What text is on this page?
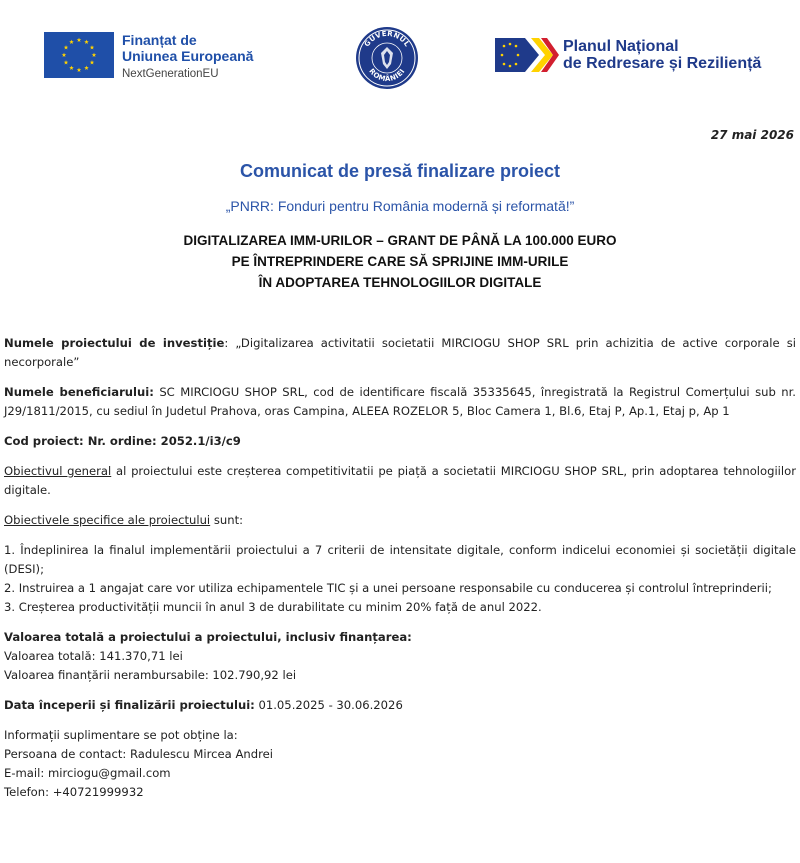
Finanțat de
Uniunea Europeană
NextGenerationEU
GUVERNUL
ROMÂNIEI
Planul Național
de Redresare și Reziliență
27 mai 2026
Comunicat de presă finalizare proiect
„PNRR: Fonduri pentru România modernă și reformată!”
DIGITALIZAREA IMM-URILOR – GRANT DE PÂNĂ LA 100.000 EURO
PE ÎNTREPRINDERE CARE SĂ SPRIJINE IMM-URILE
ÎN ADOPTAREA TEHNOLOGIILOR DIGITALE

Numele proiectului de investiție: „Digitalizarea activitatii societatii MIRCIOGU SHOP SRL prin achizitia de active corporale si necorporale”

Numele beneficiarului: SC MIRCIOGU SHOP SRL, cod de identificare fiscală 35335645, înregistrată la Registrul Comerțului sub nr. J29/1811/2015, cu sediul în Judetul Prahova, oras Campina, ALEEA ROZELOR 5, Bloc Camera 1, Bl.6, Etaj P, Ap.1, Etaj p, Ap 1

Cod proiect: Nr. ordine: 2052.1/i3/c9

Obiectivul general al proiectului este creșterea competitivitatii pe piață a societatii MIRCIOGU SHOP SRL, prin adoptarea tehnologiilor digitale.

Obiectivele specifice ale proiectului sunt:

1. Îndeplinirea la finalul implementării proiectului a 7 criterii de intensitate digitale, conform indicelui economiei și societății digitale (DESI);

2. Instruirea a 1 angajat care vor utiliza echipamentele TIC și a unei persoane responsabile cu conducerea și controlul întreprinderii;

3. Creșterea productivității muncii în anul 3 de durabilitate cu minim 20% față de anul 2022.

Valoarea totală a proiectului a proiectului, inclusiv finanțarea:
Valoarea totală: 141.370,71 lei
Valoarea finanțării nerambursabile: 102.790,92 lei

Data începerii și finalizării proiectului: 01.05.2025 - 30.06.2026

Informații suplimentare se pot obține la:
Persoana de contact: Radulescu Mircea Andrei
E-mail: mirciogu@gmail.com
Telefon: +40721999932
